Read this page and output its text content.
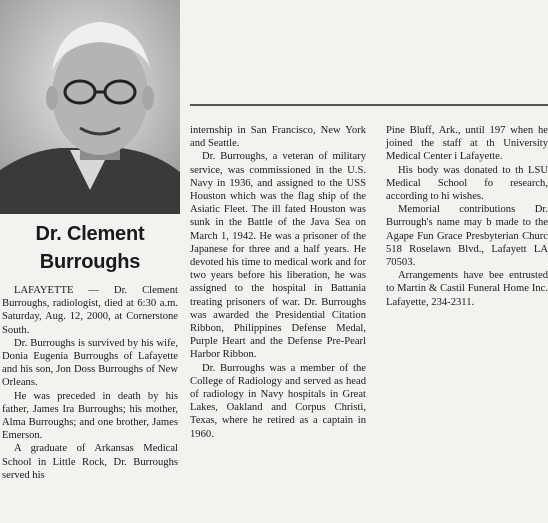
Dr. Clement
Burroughs

LAFAYETTE — Dr. Clement Burroughs, radiologist, died at 6:30 a.m. Saturday, Aug. 12, 2000, at Cornerstone South.

Dr. Burroughs is survived by his wife, Donia Eugenia Burroughs of Lafayette and his son, Jon Doss Burroughs of New Orleans.

He was preceded in death by his father, James Ira Burroughs; his mother, Alma Burroughs; and one brother, James Emerson.

A graduate of Arkansas Medical School in Little Rock, Dr. Burroughs served his

internship in San Francisco, New York and Seattle.

Dr. Burroughs, a veteran of military service, was commissioned in the U.S. Navy in 1936, and assigned to the USS Houston which was the flag ship of the Asiatic Fleet. The ill fated Houston was sunk in the Battle of the Java Sea on March 1, 1942. He was a prisoner of the Japanese for three and a half years. He devoted his time to medical work and for two years before his liberation, he was assigned to the hospital in Battania treating prisoners of war. Dr. Burroughs was awarded the Presidential Citation Ribbon, Philippines Defense Medal, Purple Heart and the Defense Pre-Pearl Harbor Ribbon.

Dr. Burroughs was a member of the College of Radiology and served as head of radiology in Navy hospitals in Great Lakes, Oakland and Corpus Christi, Texas, where he retired as a captain in 1960.

Pine Bluff, Ark., until 197 when he joined the staff at th University Medical Center i Lafayette.

His body was donated to th LSU Medical School fo research, according to hi wishes.

Memorial contributions Dr. Burrough's name may b made to the Agape Fun Grace Presbyterian Churc 518 Roselawn Blvd., Lafayett LA 70503.

Arrangements have bee entrusted to Martin & Castil Funeral Home Inc. Lafayette, 234-2311.
